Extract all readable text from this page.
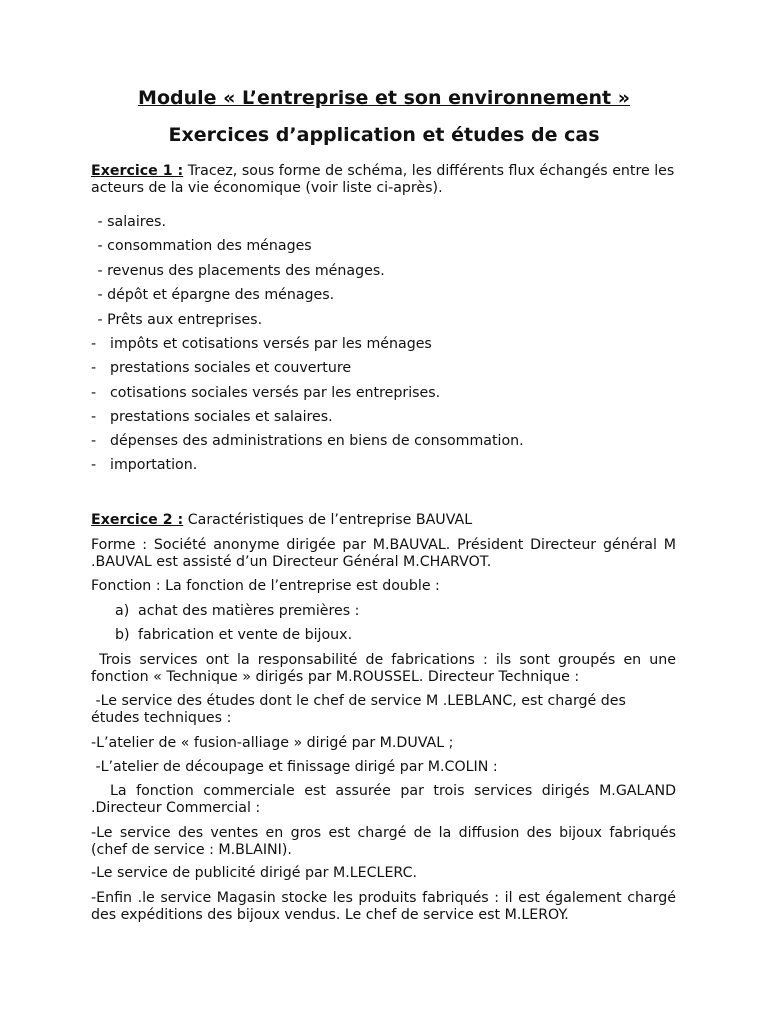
Module « L’entreprise et son environnement »
Exercices d’application et études de cas

Exercice 1 : Tracez, sous forme de schéma, les différents flux échangés entre les acteurs de la vie économique (voir liste ci-après).

- salaires.
- consommation des ménages
- revenus des placements des ménages.
- dépôt et épargne des ménages.
- Prêts aux entreprises.
- impôts et cotisations versés par les ménages
- prestations sociales et couverture
- cotisations sociales versés par les entreprises.
- prestations sociales et salaires.
- dépenses des administrations en biens de consommation.
- importation.

Exercice 2 : Caractéristiques de l’entreprise BAUVAL

Forme : Société anonyme dirigée par M.BAUVAL. Président Directeur général M .BAUVAL est assisté d’un Directeur Général M.CHARVOT.

Fonction : La fonction de l’entreprise est double :

a) achat des matières premières :
b) fabrication et vente de bijoux.

Trois services ont la responsabilité de fabrications : ils sont groupés en une fonction « Technique » dirigés par M.ROUSSEL. Directeur Technique :

-Le service des études dont le chef de service M .LEBLANC, est chargé des études techniques :

-L’atelier de « fusion-alliage » dirigé par M.DUVAL ;

-L’atelier de découpage et finissage dirigé par M.COLIN :

La fonction commerciale est assurée par trois services dirigés M.GALAND .Directeur Commercial :

-Le service des ventes en gros est chargé de la diffusion des bijoux fabriqués (chef de service : M.BLAINI).

-Le service de publicité dirigé par M.LECLERC.

-Enfin .le service Magasin stocke les produits fabriqués : il est également chargé des expéditions des bijoux vendus. Le chef de service est M.LEROY.
